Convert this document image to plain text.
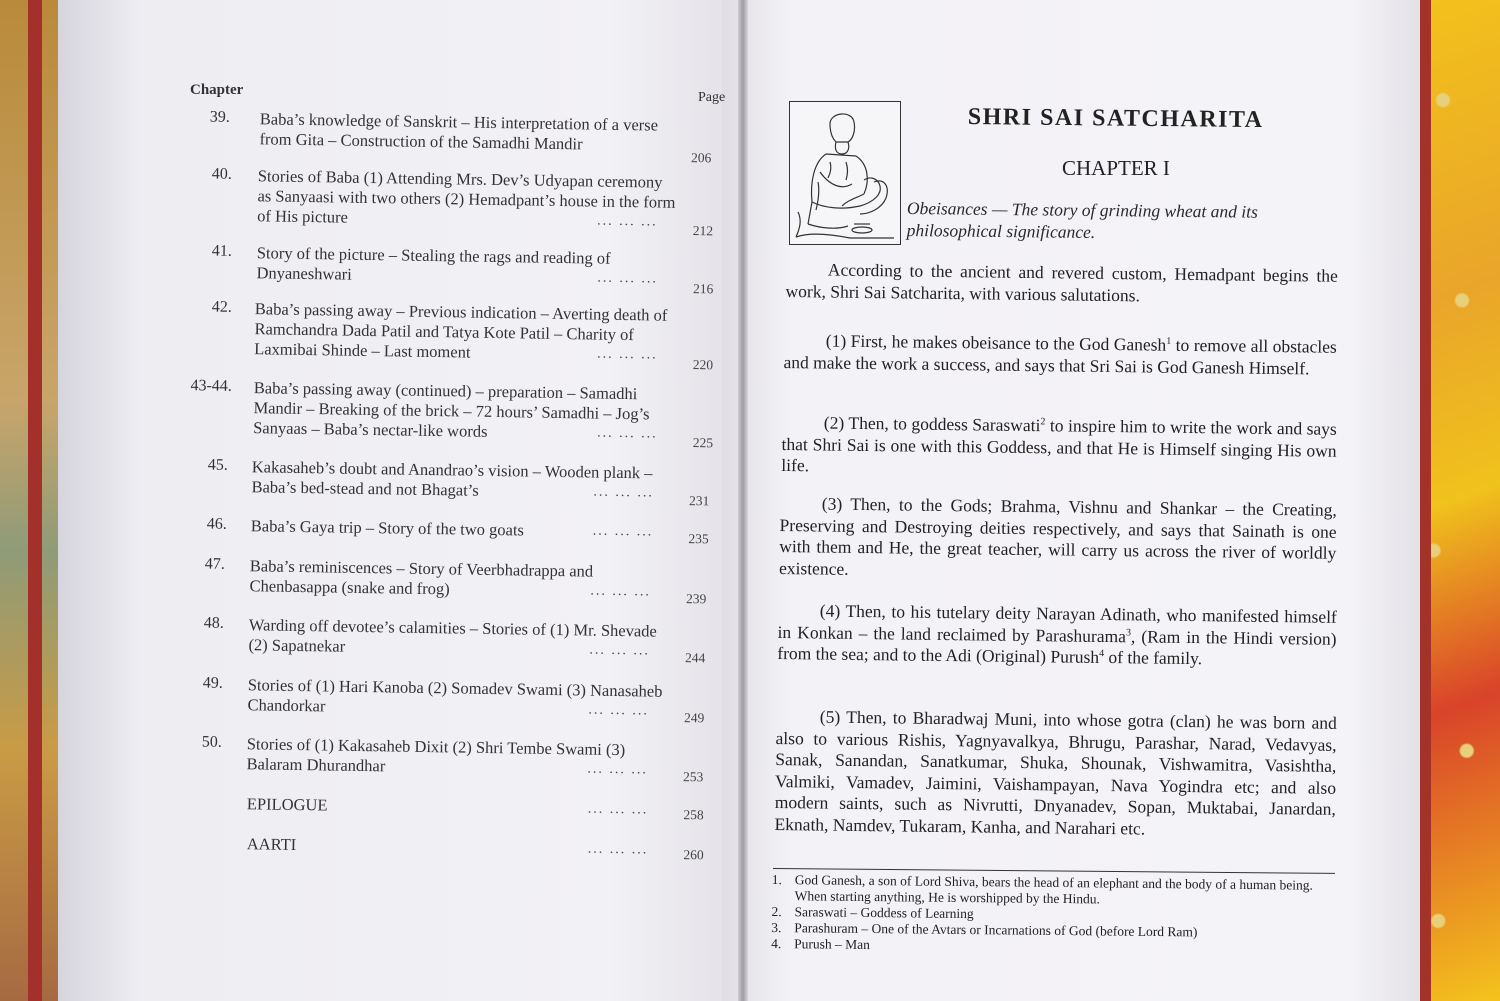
Chapter	Page
39. Baba’s knowledge of Sanskrit – His interpretation of a verse from Gita – Construction of the Samadhi Mandir
206
40. Stories of Baba (1) Attending Mrs. Dev’s Udyapan ceremony as Sanyaasi with two others (2) Hemadpant’s house in the form of His picture	... ... ...
212
41. Story of the picture – Stealing the rags and reading of Dnyaneshwari	... ... ...
216
42. Baba’s passing away – Previous indication – Averting death of Ramchandra Dada Patil and Tatya Kote Patil – Charity of Laxmibai Shinde – Last moment	... ... ...
220
43-44. Baba’s passing away (continued) – preparation – Samadhi Mandir – Breaking of the brick – 72 hours’ Samadhi – Jog’s Sanyaas – Baba’s nectar-like words	... ... ...
225
45. Kakasaheb’s doubt and Anandrao’s vision – Wooden plank – Baba’s bed-stead and not Bhagat’s	... ... ...
231
46. Baba’s Gaya trip – Story of the two goats	... ... ...	235
47. Baba’s reminiscences – Story of Veerbhadrappa and Chenbasappa (snake and frog)	... ... ...	239
48. Warding off devotee’s calamities – Stories of (1) Mr. Shevade (2) Sapatnekar	... ... ...	244
49. Stories of (1) Hari Kanoba (2) Somadev Swami (3) Nanasaheb Chandorkar	... ... ...	249
50. Stories of (1) Kakasaheb Dixit (2) Shri Tembe Swami (3) Balaram Dhurandhar	... ... ...	253
EPILOGUE	... ... ...	258
AARTI	... ... ...	260
SHRI SAI SATCHARITA
CHAPTER I
Obeisances — The story of grinding wheat and its philosophical significance.

According to the ancient and revered custom, Hemadpant begins the work, Shri Sai Satcharita, with various salutations.

(1) First, he makes obeisance to the God Ganesh$^1$ to remove all obstacles and make the work a success, and says that Sri Sai is God Ganesh Himself.

(2) Then, to goddess Saraswati$^2$ to inspire him to write the work and says that Shri Sai is one with this Goddess, and that He is Himself singing His own life.

(3) Then, to the Gods; Brahma, Vishnu and Shankar – the Creating, Preserving and Destroying deities respectively, and says that Sainath is one with them and He, the great teacher, will carry us across the river of worldly existence.

(4) Then, to his tutelary deity Narayan Adinath, who manifested himself in Konkan – the land reclaimed by Parashurama$^3$, (Ram in the Hindi version) from the sea; and to the Adi (Original) Purush$^4$ of the family.

(5) Then, to Bharadwaj Muni, into whose gotra (clan) he was born and also to various Rishis, Yagnyavalkya, Bhrugu, Parashar, Narad, Vedavyas, Sanak, Sanandan, Sanatkumar, Shuka, Shounak, Vishwamitra, Vasishtha, Valmiki, Vamadev, Jaimini, Vaishampayan, Nava Yogindra etc; and also modern saints, such as Nivrutti, Dnyanadev, Sopan, Muktabai, Janardan, Eknath, Namdev, Tukaram, Kanha, and Narahari etc.

1. God Ganesh, a son of Lord Shiva, bears the head of an elephant and the body of a human being. When starting anything, He is worshipped by the Hindu.
2. Saraswati – Goddess of Learning
3. Parashuram – One of the Avtars or Incarnations of God (before Lord Ram)
4. Purush – Man
